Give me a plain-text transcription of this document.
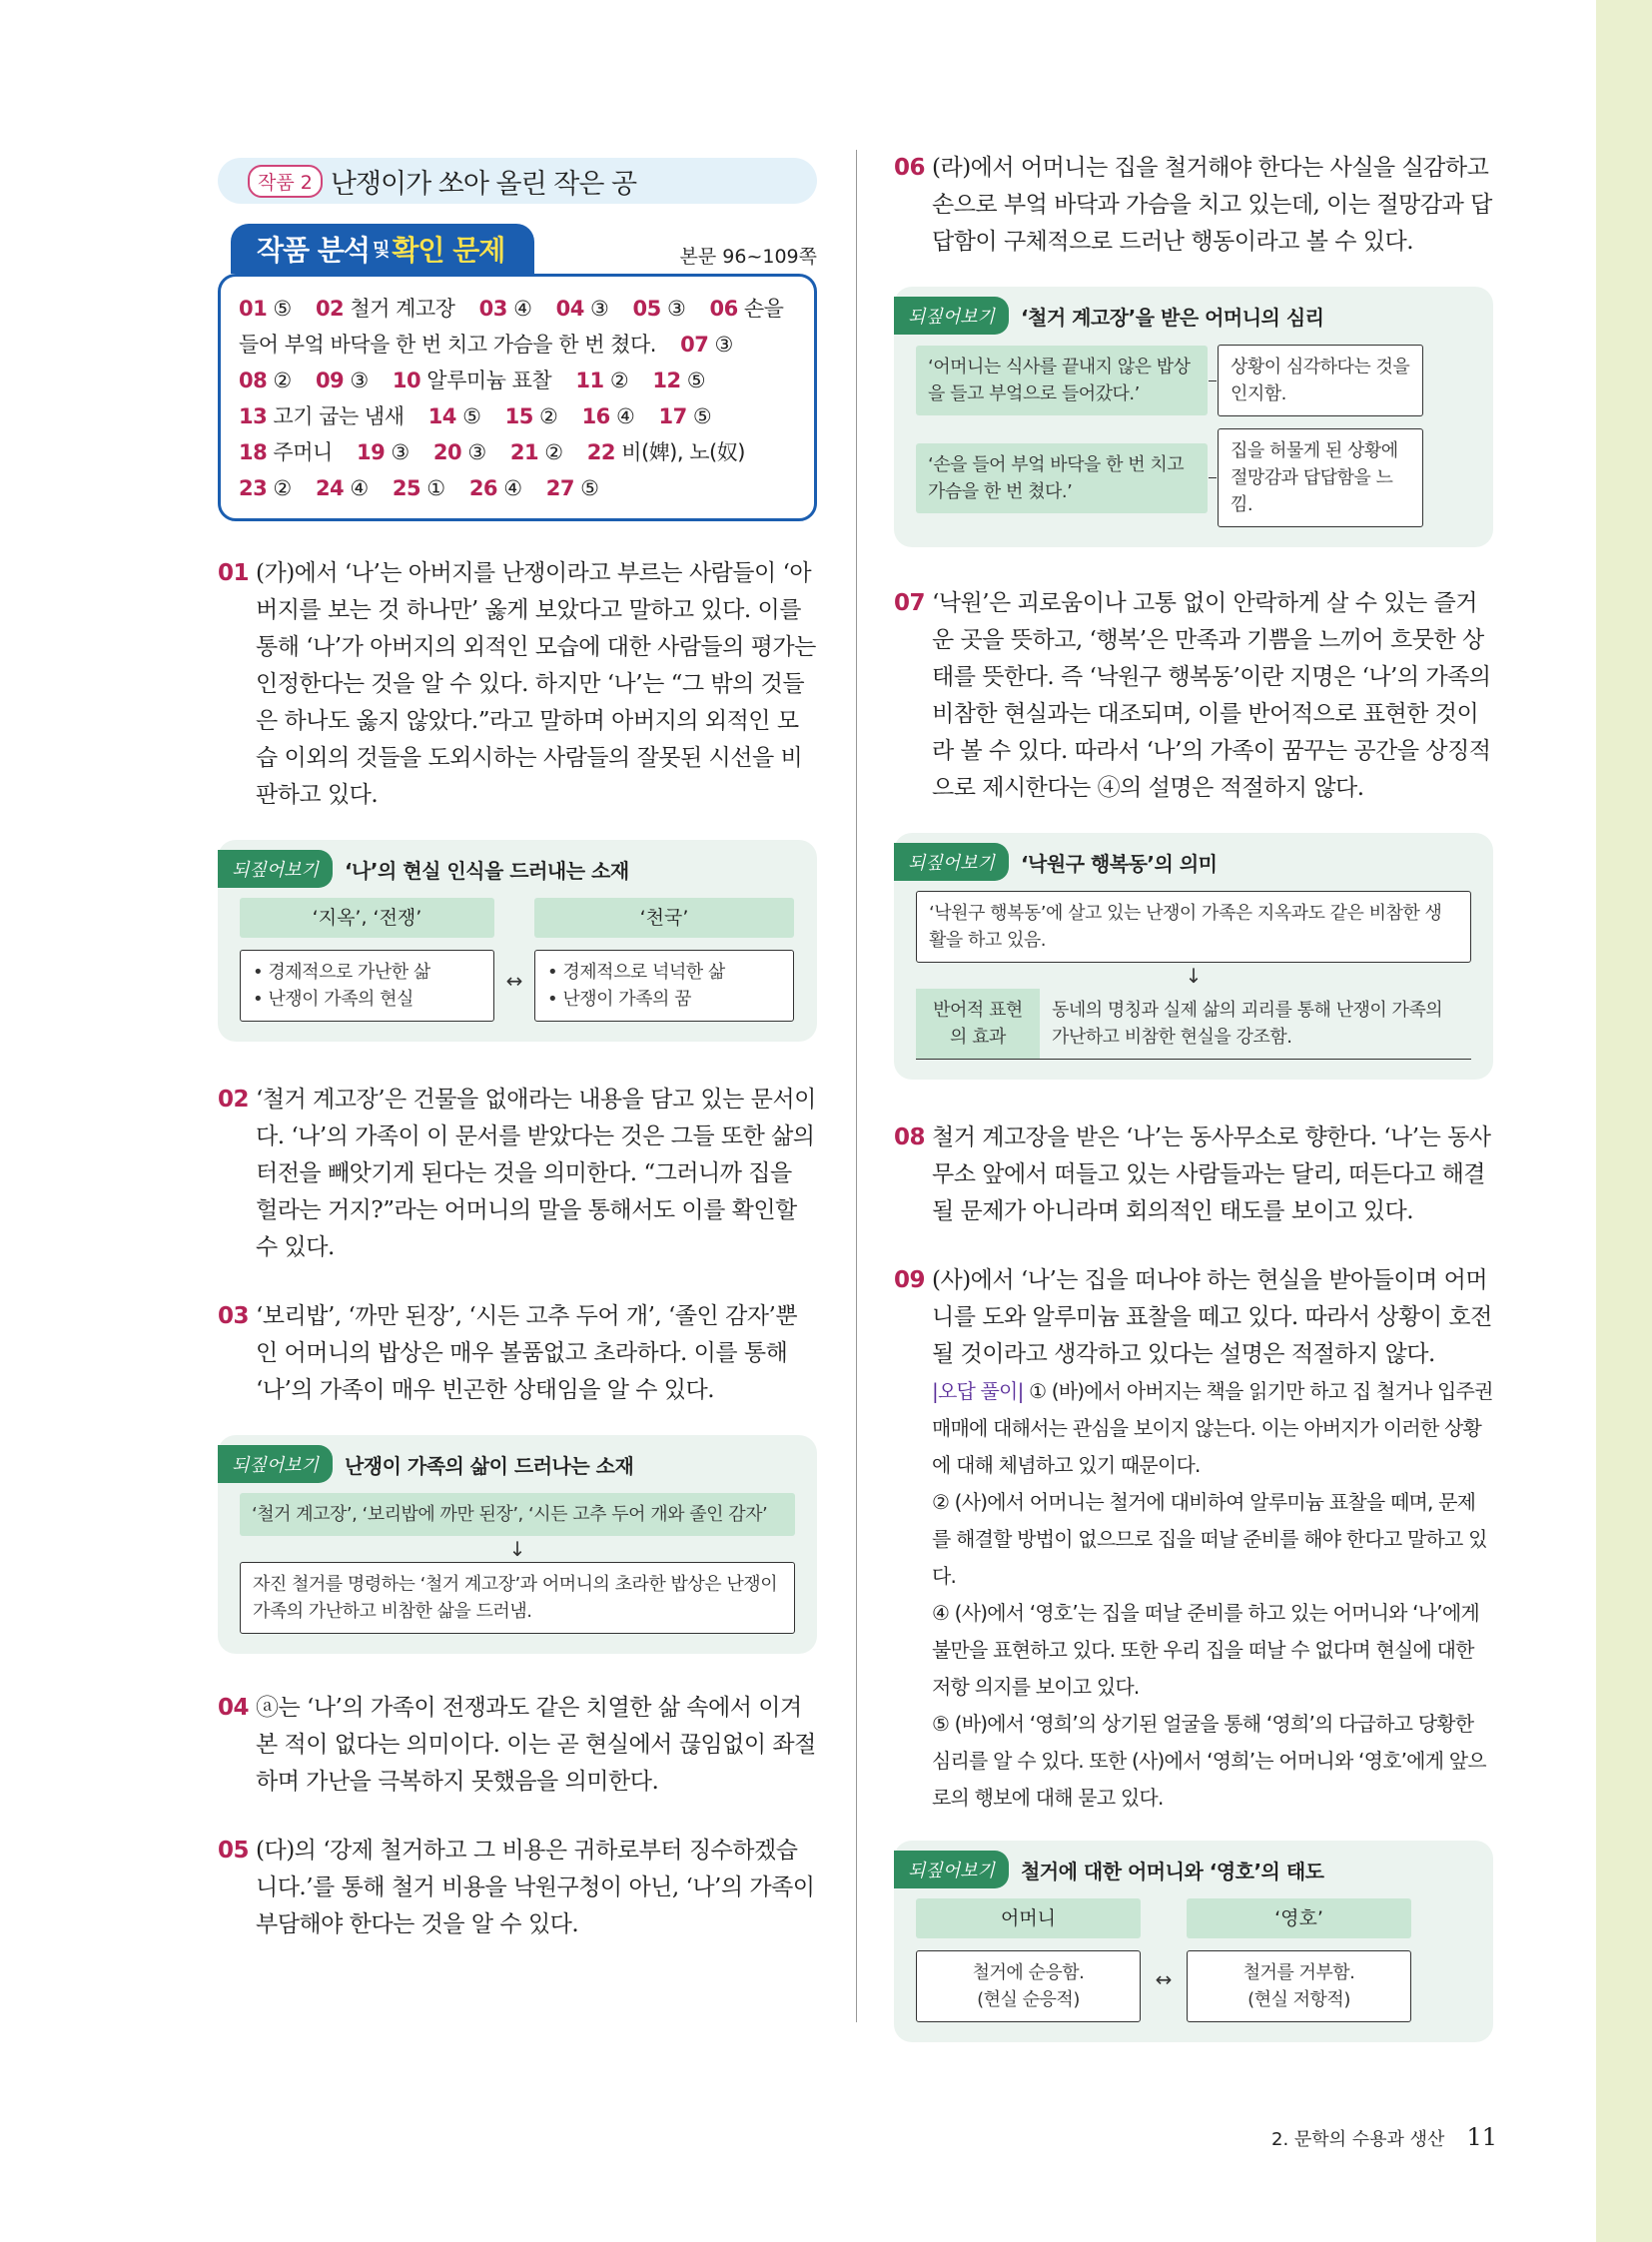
작품 2 난쟁이가 쏘아 올린 작은 공
작품 분석 및 확인 문제	본문 96~109쪽
01 ⑤ 02 철거 계고장 03 ④ 04 ③ 05 ③ 06 손을 들어 부엌 바닥을 한 번 치고 가슴을 한 번 쳤다. 07 ③ 08 ② 09 ③ 10 알루미늄 표찰 11 ② 12 ⑤ 13 고기 굽는 냄새 14 ⑤ 15 ② 16 ④ 17 ⑤ 18 주머니 19 ③ 20 ③ 21 ② 22 비(婢), 노(奴) 23 ② 24 ④ 25 ① 26 ④ 27 ⑤
01 (가)에서 ‘나’는 아버지를 난쟁이라고 부르는 사람들이 ‘아버지를 보는 것 하나만’ 옳게 보았다고 말하고 있다. 이를 통해 ‘나’가 아버지의 외적인 모습에 대한 사람들의 평가는 인정한다는 것을 알 수 있다. 하지만 ‘나’는 “그 밖의 것들은 하나도 옳지 않았다.”라고 말하며 아버지의 외적인 모습 이외의 것들을 도외시하는 사람들의 잘못된 시선을 비판하고 있다.
되짚어보기	‘나’의 현실 인식을 드러내는 소재
‘지옥’, ‘전쟁’
• 경제적으로 가난한 삶
• 난쟁이 가족의 현실
↔
‘천국’
• 경제적으로 넉넉한 삶
• 난쟁이 가족의 꿈
02 ‘철거 계고장’은 건물을 없애라는 내용을 담고 있는 문서이다. ‘나’의 가족이 이 문서를 받았다는 것은 그들 또한 삶의 터전을 빼앗기게 된다는 것을 의미한다. “그러니까 집을 헐라는 거지?”라는 어머니의 말을 통해서도 이를 확인할 수 있다.
03 ‘보리밥’, ‘까만 된장’, ‘시든 고추 두어 개’, ‘졸인 감자’뿐인 어머니의 밥상은 매우 볼품없고 초라하다. 이를 통해 ‘나’의 가족이 매우 빈곤한 상태임을 알 수 있다.
되짚어보기	난쟁이 가족의 삶이 드러나는 소재
‘철거 계고장’, ‘보리밥에 까만 된장’, ‘시든 고추 두어 개와 졸인 감자’
↓
자진 철거를 명령하는 ‘철거 계고장’과 어머니의 초라한 밥상은 난쟁이 가족의 가난하고 비참한 삶을 드러냄.
04 ⓐ는 ‘나’의 가족이 전쟁과도 같은 치열한 삶 속에서 이겨 본 적이 없다는 의미이다. 이는 곧 현실에서 끊임없이 좌절하며 가난을 극복하지 못했음을 의미한다.
05 (다)의 ‘강제 철거하고 그 비용은 귀하로부터 징수하겠습니다.’를 통해 철거 비용을 낙원구청이 아닌, ‘나’의 가족이 부담해야 한다는 것을 알 수 있다.
06 (라)에서 어머니는 집을 철거해야 한다는 사실을 실감하고 손으로 부엌 바닥과 가슴을 치고 있는데, 이는 절망감과 답답함이 구체적으로 드러난 행동이라고 볼 수 있다.
되짚어보기	‘철거 계고장’을 받은 어머니의 심리
‘어머니는 식사를 끝내지 않은 밥상을 들고 부엌으로 들어갔다.’
상황이 심각하다는 것을 인지함.
‘손을 들어 부엌 바닥을 한 번 치고 가슴을 한 번 쳤다.’
집을 허물게 된 상황에 절망감과 답답함을 느낌.
07 ‘낙원’은 괴로움이나 고통 없이 안락하게 살 수 있는 즐거운 곳을 뜻하고, ‘행복’은 만족과 기쁨을 느끼어 흐뭇한 상태를 뜻한다. 즉 ‘낙원구 행복동’이란 지명은 ‘나’의 가족의 비참한 현실과는 대조되며, 이를 반어적으로 표현한 것이라 볼 수 있다. 따라서 ‘나’의 가족이 꿈꾸는 공간을 상징적으로 제시한다는 ④의 설명은 적절하지 않다.
되짚어보기	‘낙원구 행복동’의 의미
‘낙원구 행복동’에 살고 있는 난쟁이 가족은 지옥과도 같은 비참한 생활을 하고 있음.
↓
반어적 표현의 효과
동네의 명칭과 실제 삶의 괴리를 통해 난쟁이 가족의 가난하고 비참한 현실을 강조함.
08 철거 계고장을 받은 ‘나’는 동사무소로 향한다. ‘나’는 동사무소 앞에서 떠들고 있는 사람들과는 달리, 떠든다고 해결될 문제가 아니라며 회의적인 태도를 보이고 있다.
09 (사)에서 ‘나’는 집을 떠나야 하는 현실을 받아들이며 어머니를 도와 알루미늄 표찰을 떼고 있다. 따라서 상황이 호전될 것이라고 생각하고 있다는 설명은 적절하지 않다.
|오답 풀이| ① (바)에서 아버지는 책을 읽기만 하고 집 철거나 입주권 매매에 대해서는 관심을 보이지 않는다. 이는 아버지가 이러한 상황에 대해 체념하고 있기 때문이다.
② (사)에서 어머니는 철거에 대비하여 알루미늄 표찰을 떼며, 문제를 해결할 방법이 없으므로 집을 떠날 준비를 해야 한다고 말하고 있다.
④ (사)에서 ‘영호’는 집을 떠날 준비를 하고 있는 어머니와 ‘나’에게 불만을 표현하고 있다. 또한 우리 집을 떠날 수 없다며 현실에 대한 저항 의지를 보이고 있다.
⑤ (바)에서 ‘영희’의 상기된 얼굴을 통해 ‘영희’의 다급하고 당황한 심리를 알 수 있다. 또한 (사)에서 ‘영희’는 어머니와 ‘영호’에게 앞으로의 행보에 대해 묻고 있다.
되짚어보기	철거에 대한 어머니와 ‘영호’의 태도
어머니
철거에 순응함.
(현실 순응적)
↔
‘영호’
철거를 거부함.
(현실 저항적)
2. 문학의 수용과 생산 11
